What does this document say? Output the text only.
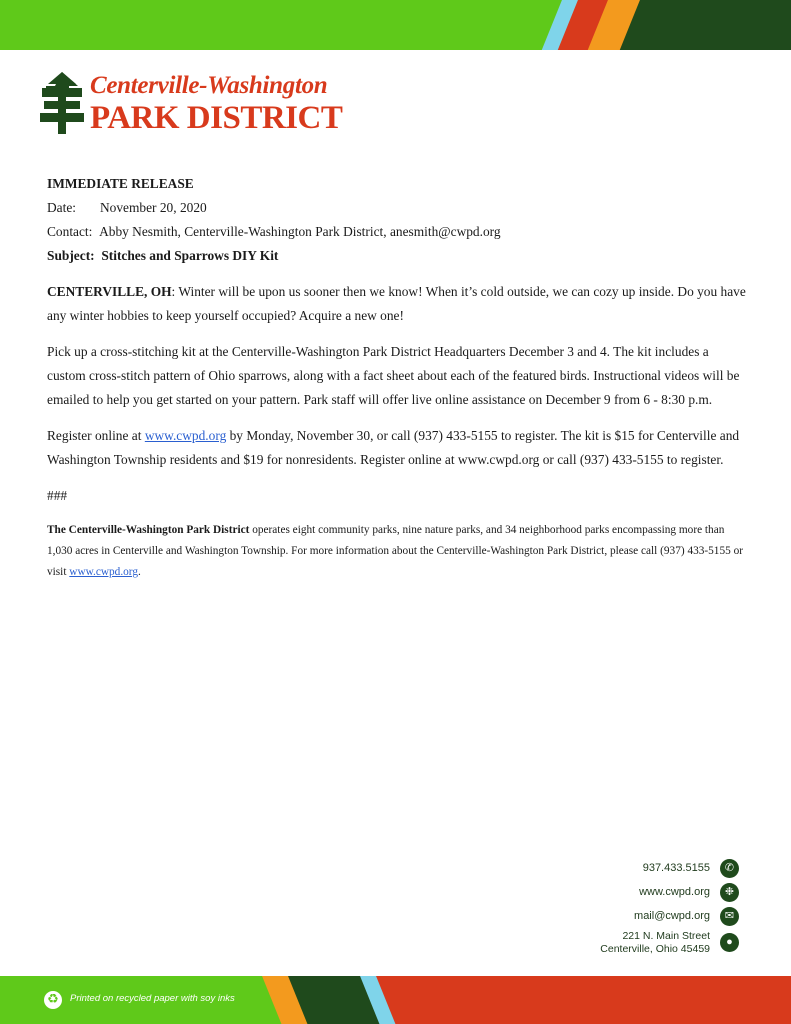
Centerville-Washington
PARK DISTRICT
IMMEDIATE RELEASE
Date: November 20, 2020
Contact: Abby Nesmith, Centerville-Washington Park District, anesmith@cwpd.org
Subject: Stitches and Sparrows DIY Kit

CENTERVILLE, OH: Winter will be upon us sooner then we know! When it’s cold outside, we can cozy up inside. Do you have any winter hobbies to keep yourself occupied? Acquire a new one!

Pick up a cross-stitching kit at the Centerville-Washington Park District Headquarters December 3 and 4. The kit includes a custom cross-stitch pattern of Ohio sparrows, along with a fact sheet about each of the featured birds. Instructional videos will be emailed to help you get started on your pattern. Park staff will offer live online assistance on December 9 from 6 - 8:30 p.m.

Register online at www.cwpd.org by Monday, November 30, or call (937) 433-5155 to register. The kit is $15 for Centerville and Washington Township residents and $19 for nonresidents. Register online at www.cwpd.org or call (937) 433-5155 to register.

###

The Centerville-Washington Park District operates eight community parks, nine nature parks, and 34 neighborhood parks encompassing more than 1,030 acres in Centerville and Washington Township. For more information about the Centerville-Washington Park District, please call (937) 433-5155 or visit www.cwpd.org.

937.433.5155	✆
www.cwpd.org	❉
mail@cwpd.org	✉
221 N. Main Street
Centerville, Ohio 45459
●
♻	Printed on recycled paper with soy inks
